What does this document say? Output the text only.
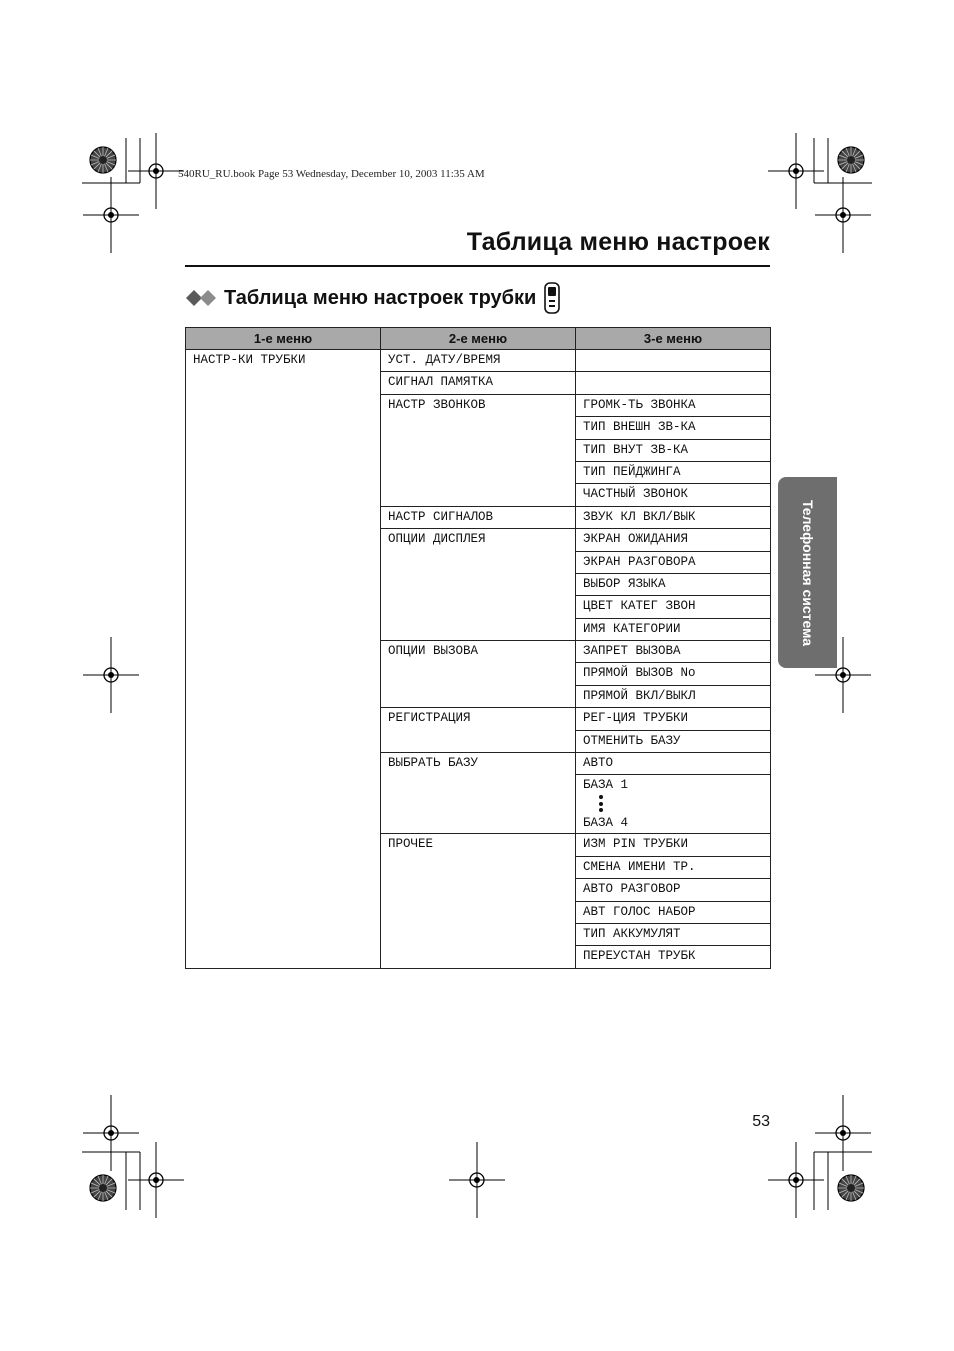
540RU_RU.book Page 53 Wednesday, December 10, 2003 11:35 AM
Таблица меню настроек
Таблица меню настроек трубки
1-е меню	2-е меню	3-е меню
НАСТР-КИ ТРУБКИ	УСТ. ДАТУ/ВРЕМЯ	
	СИГНАЛ ПАМЯТКА	
	НАСТР ЗВОНКОВ	ГРОМК-ТЬ ЗВОНКА
		ТИП ВНЕШН ЗВ-КА
		ТИП ВНУТ ЗВ-КА
		ТИП ПЕЙДЖИНГА
		ЧАСТНЫЙ ЗВОНОК
	НАСТР СИГНАЛОВ	ЗВУК КЛ ВКЛ/ВЫК
	ОПЦИИ ДИСПЛЕЯ	ЭКРАН ОЖИДАНИЯ
		ЭКРАН РАЗГОВОРА
		ВЫБОР ЯЗЫКА
		ЦВЕТ КАТЕГ ЗВОН
		ИМЯ КАТЕГОРИИ
	ОПЦИИ ВЫЗОВА	ЗАПРЕТ ВЫЗОВА
		ПРЯМОЙ ВЫЗОВ No
		ПРЯМОЙ ВКЛ/ВЫКЛ
	РЕГИСТРАЦИЯ	РЕГ-ЦИЯ ТРУБКИ
		ОТМЕНИТЬ БАЗУ
	ВЫБРАТЬ БАЗУ	АВТО
		БАЗА 1
БАЗА 4
	ПРОЧЕЕ	ИЗМ PIN ТРУБКИ
		СМЕНА ИМЕНИ ТР.
		АВТО РАЗГОВОР
		АВТ ГОЛОС НАБОР
		ТИП АККУМУЛЯТ
		ПЕРЕУСТАН ТРУБК
Телефонная система
53
